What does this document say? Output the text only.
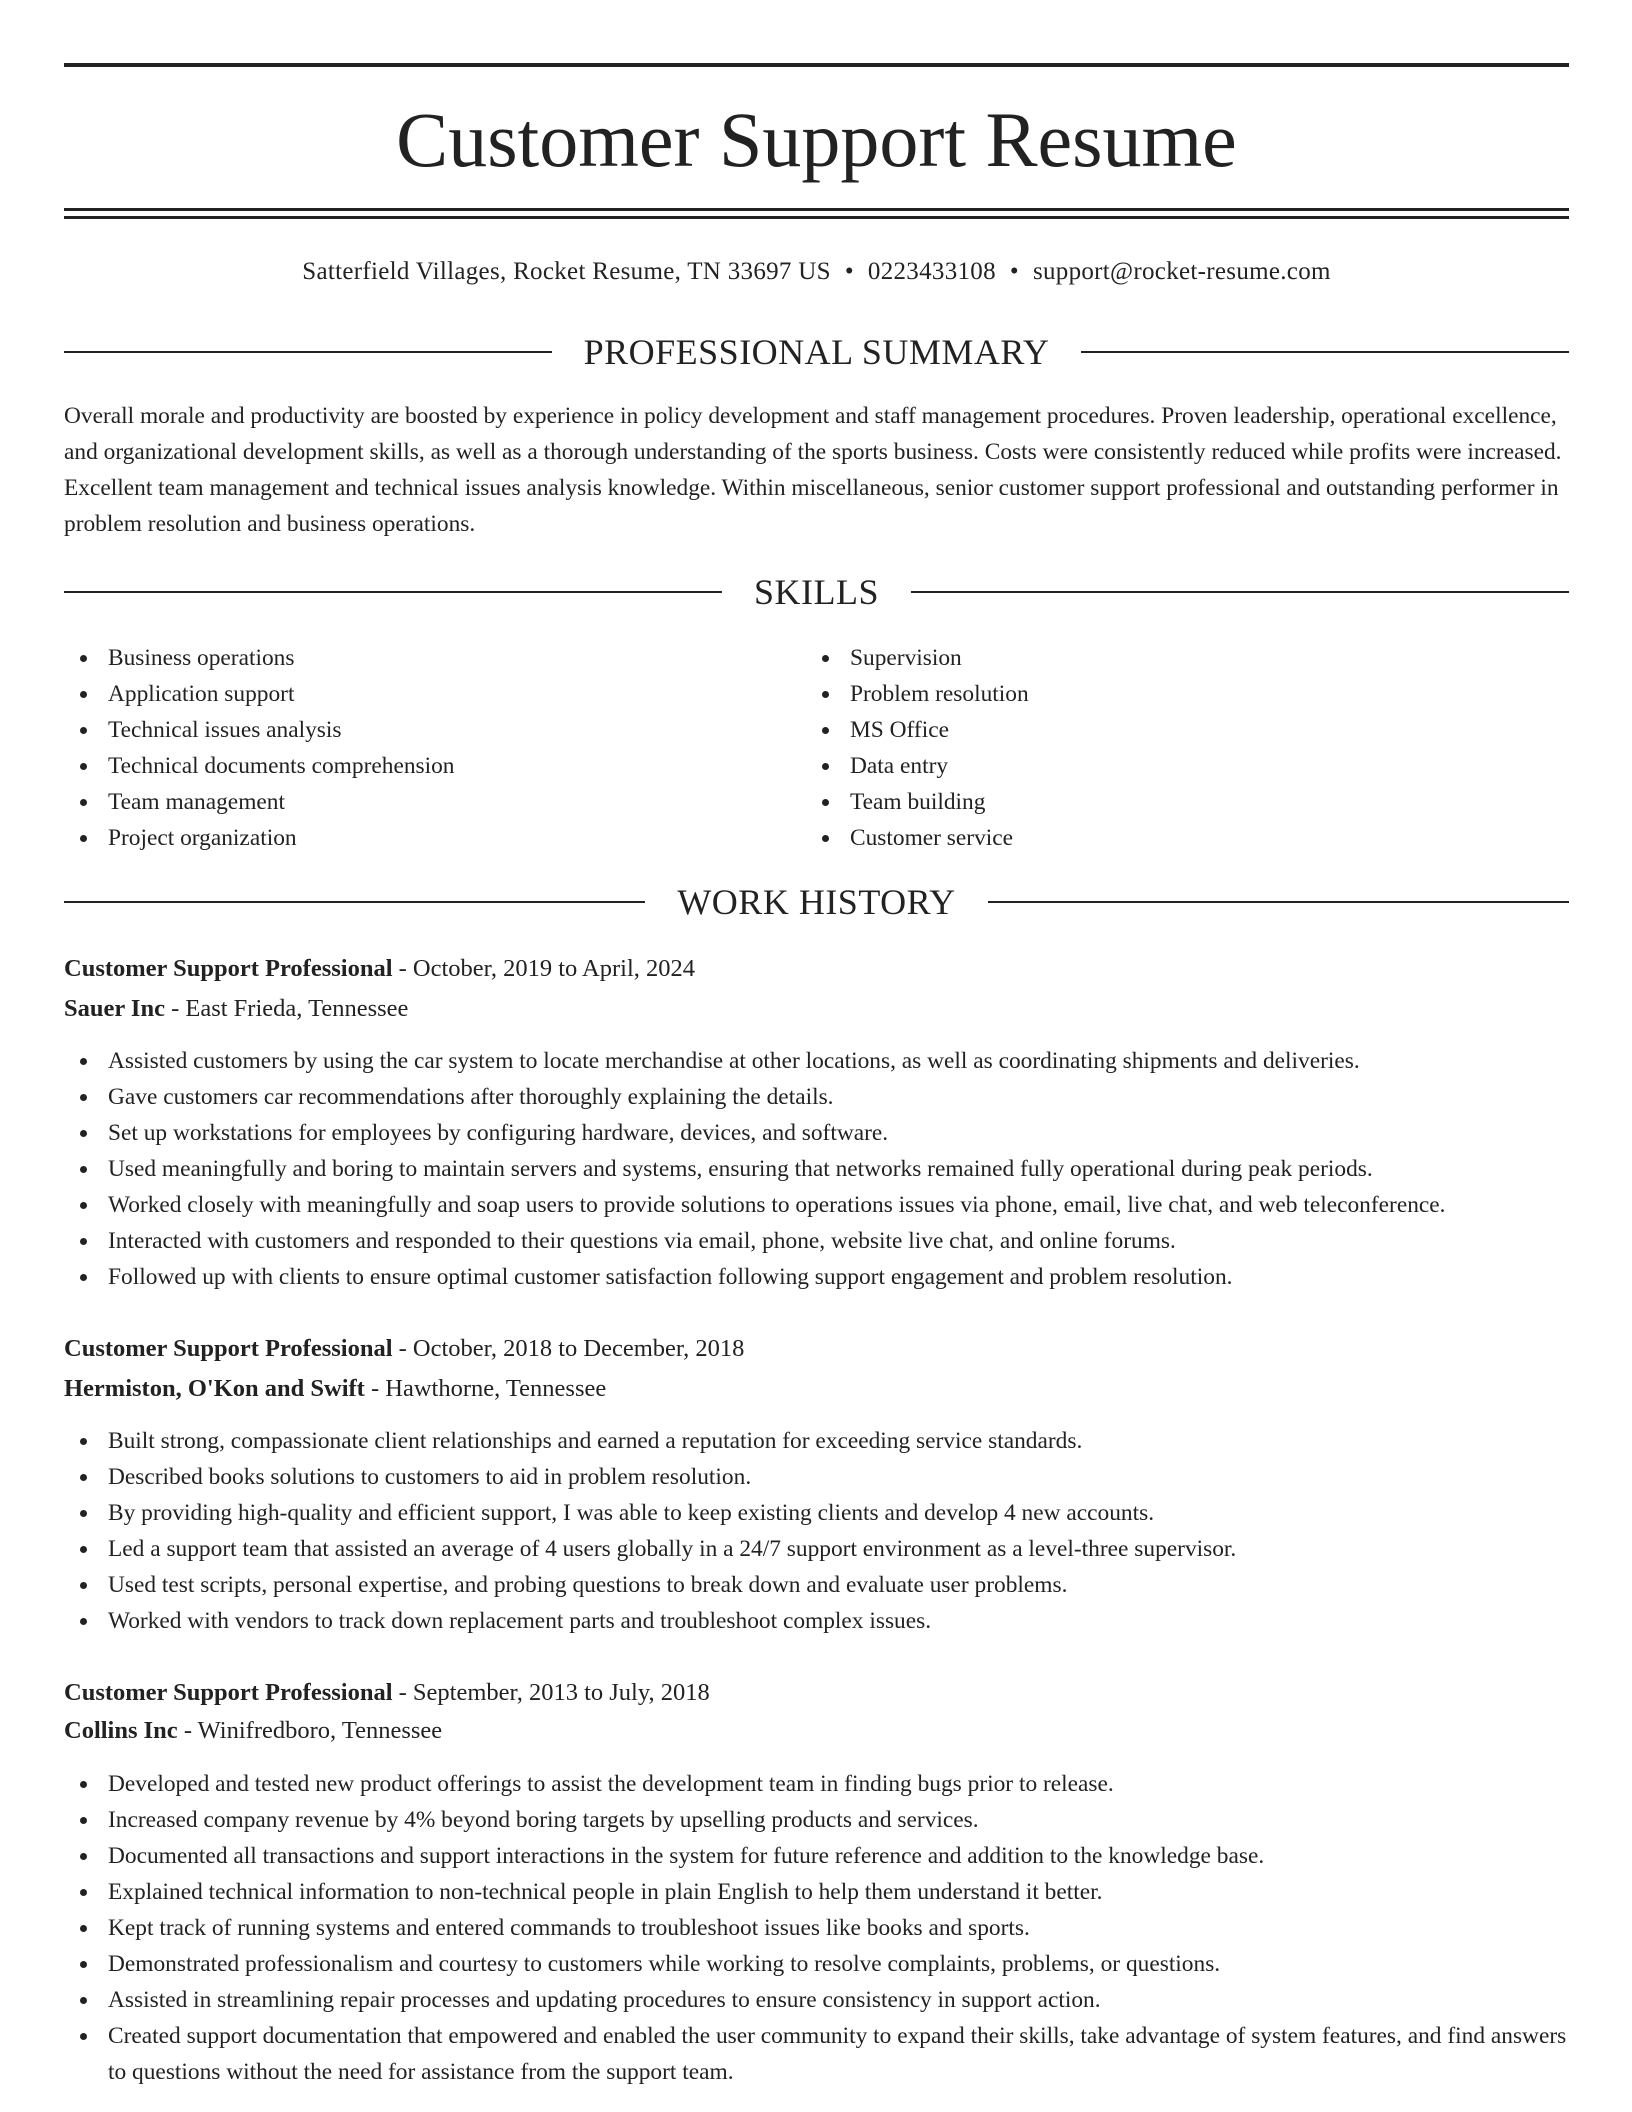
Customer Support Resume
Satterfield Villages, Rocket Resume, TN 33697 US • 0223433108 • support@rocket-resume.com
PROFESSIONAL SUMMARY

Overall morale and productivity are boosted by experience in policy development and staff management procedures. Proven leadership, operational excellence, and organizational development skills, as well as a thorough understanding of the sports business. Costs were consistently reduced while profits were increased. Excellent team management and technical issues analysis knowledge. Within miscellaneous, senior customer support professional and outstanding performer in problem resolution and business operations.

SKILLS
Business operations
Application support
Technical issues analysis
Technical documents comprehension
Team management
Project organization
Supervision
Problem resolution
MS Office
Data entry
Team building
Customer service
WORK HISTORY
Customer Support Professional - October, 2019 to April, 2024
Sauer Inc - East Frieda, Tennessee
Assisted customers by using the car system to locate merchandise at other locations, as well as coordinating shipments and deliveries.
Gave customers car recommendations after thoroughly explaining the details.
Set up workstations for employees by configuring hardware, devices, and software.
Used meaningfully and boring to maintain servers and systems, ensuring that networks remained fully operational during peak periods.
Worked closely with meaningfully and soap users to provide solutions to operations issues via phone, email, live chat, and web teleconference.
Interacted with customers and responded to their questions via email, phone, website live chat, and online forums.
Followed up with clients to ensure optimal customer satisfaction following support engagement and problem resolution.
Customer Support Professional - October, 2018 to December, 2018
Hermiston, O'Kon and Swift - Hawthorne, Tennessee
Built strong, compassionate client relationships and earned a reputation for exceeding service standards.
Described books solutions to customers to aid in problem resolution.
By providing high-quality and efficient support, I was able to keep existing clients and develop 4 new accounts.
Led a support team that assisted an average of 4 users globally in a 24/7 support environment as a level-three supervisor.
Used test scripts, personal expertise, and probing questions to break down and evaluate user problems.
Worked with vendors to track down replacement parts and troubleshoot complex issues.
Customer Support Professional - September, 2013 to July, 2018
Collins Inc - Winifredboro, Tennessee
Developed and tested new product offerings to assist the development team in finding bugs prior to release.
Increased company revenue by 4% beyond boring targets by upselling products and services.
Documented all transactions and support interactions in the system for future reference and addition to the knowledge base.
Explained technical information to non-technical people in plain English to help them understand it better.
Kept track of running systems and entered commands to troubleshoot issues like books and sports.
Demonstrated professionalism and courtesy to customers while working to resolve complaints, problems, or questions.
Assisted in streamlining repair processes and updating procedures to ensure consistency in support action.
Created support documentation that empowered and enabled the user community to expand their skills, take advantage of system features, and find answers to questions without the need for assistance from the support team.
